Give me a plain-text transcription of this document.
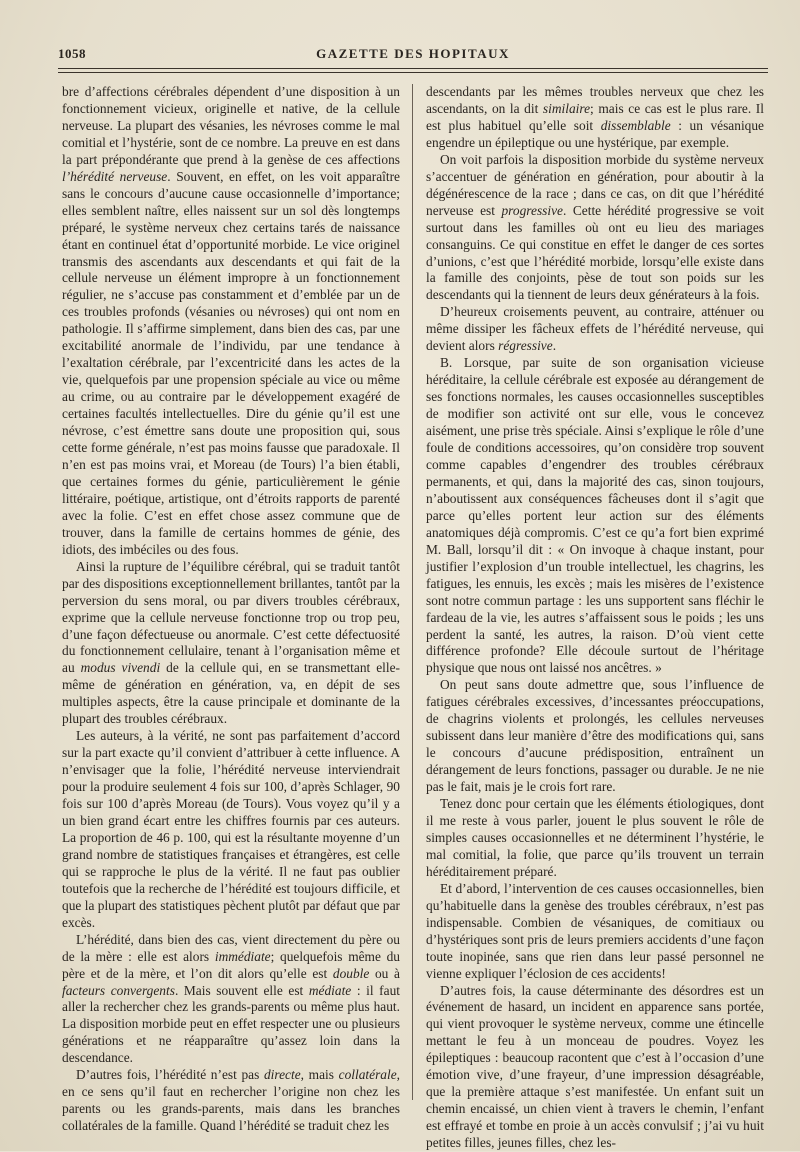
1058	GAZETTE DES HOPITAUX

bre d’affections cérébrales dépendent d’une disposition à un fonctionnement vicieux, originelle et native, de la cellule nerveuse. La plupart des vésanies, les névroses comme le mal comitial et l’hystérie, sont de ce nombre. La preuve en est dans la part prépondérante que prend à la genèse de ces affections l’hérédité nerveuse. Souvent, en effet, on les voit apparaître sans le concours d’aucune cause occasionnelle d’importance; elles semblent naître, elles naissent sur un sol dès longtemps préparé, le système nerveux chez certains tarés de naissance étant en continuel état d’opportunité morbide. Le vice originel transmis des ascendants aux descendants et qui fait de la cellule nerveuse un élément impropre à un fonctionnement régulier, ne s’accuse pas constamment et d’emblée par un de ces troubles profonds (vésanies ou névroses) qui ont nom en pathologie. Il s’affirme simplement, dans bien des cas, par une excitabilité anormale de l’individu, par une tendance à l’exaltation cérébrale, par l’excentricité dans les actes de la vie, quelquefois par une propension spéciale au vice ou même au crime, ou au contraire par le développement exagéré de certaines facultés intellectuelles. Dire du génie qu’il est une névrose, c’est émettre sans doute une proposition qui, sous cette forme générale, n’est pas moins fausse que paradoxale. Il n’en est pas moins vrai, et Moreau (de Tours) l’a bien établi, que certaines formes du génie, particulièrement le génie littéraire, poétique, artistique, ont d’étroits rapports de parenté avec la folie. C’est en effet chose assez commune que de trouver, dans la famille de certains hommes de génie, des idiots, des imbéciles ou des fous.

Ainsi la rupture de l’équilibre cérébral, qui se traduit tantôt par des dispositions exceptionnellement brillantes, tantôt par la perversion du sens moral, ou par divers troubles cérébraux, exprime que la cellule nerveuse fonctionne trop ou trop peu, d’une façon défectueuse ou anormale. C’est cette défectuosité du fonctionnement cellulaire, tenant à l’organisation même et au modus vivendi de la cellule qui, en se transmettant elle-même de génération en génération, va, en dépit de ses multiples aspects, être la cause principale et dominante de la plupart des troubles cérébraux.

Les auteurs, à la vérité, ne sont pas parfaitement d’accord sur la part exacte qu’il convient d’attribuer à cette influence. A n’envisager que la folie, l’hérédité nerveuse interviendrait pour la produire seulement 4 fois sur 100, d’après Schlager, 90 fois sur 100 d’après Moreau (de Tours). Vous voyez qu’il y a un bien grand écart entre les chiffres fournis par ces auteurs. La proportion de 46 p. 100, qui est la résultante moyenne d’un grand nombre de statistiques françaises et étrangères, est celle qui se rapproche le plus de la vérité. Il ne faut pas oublier toutefois que la recherche de l’hérédité est toujours difficile, et que la plupart des statistiques pèchent plutôt par défaut que par excès.

L’hérédité, dans bien des cas, vient directement du père ou de la mère : elle est alors immédiate; quelquefois même du père et de la mère, et l’on dit alors qu’elle est double ou à facteurs convergents. Mais souvent elle est médiate : il faut aller la rechercher chez les grands-parents ou même plus haut. La disposition morbide peut en effet respecter une ou plusieurs générations et ne réapparaître qu’assez loin dans la descendance.

D’autres fois, l’hérédité n’est pas directe, mais collatérale, en ce sens qu’il faut en rechercher l’origine non chez les parents ou les grands-parents, mais dans les branches collatérales de la famille. Quand l’hérédité se traduit chez les

descendants par les mêmes troubles nerveux que chez les ascendants, on la dit similaire; mais ce cas est le plus rare. Il est plus habituel qu’elle soit dissemblable : un vésanique engendre un épileptique ou une hystérique, par exemple.

On voit parfois la disposition morbide du système nerveux s’accentuer de génération en génération, pour aboutir à la dégénérescence de la race ; dans ce cas, on dit que l’hérédité nerveuse est progressive. Cette hérédité progressive se voit surtout dans les familles où ont eu lieu des mariages consanguins. Ce qui constitue en effet le danger de ces sortes d’unions, c’est que l’hérédité morbide, lorsqu’elle existe dans la famille des conjoints, pèse de tout son poids sur les descendants qui la tiennent de leurs deux générateurs à la fois.

D’heureux croisements peuvent, au contraire, atténuer ou même dissiper les fâcheux effets de l’hérédité nerveuse, qui devient alors régressive.

B. Lorsque, par suite de son organisation vicieuse héréditaire, la cellule cérébrale est exposée au dérangement de ses fonctions normales, les causes occasionnelles susceptibles de modifier son activité ont sur elle, vous le concevez aisément, une prise très spéciale. Ainsi s’explique le rôle d’une foule de conditions accessoires, qu’on considère trop souvent comme capables d’engendrer des troubles cérébraux permanents, et qui, dans la majorité des cas, sinon toujours, n’aboutissent aux conséquences fâcheuses dont il s’agit que parce qu’elles portent leur action sur des éléments anatomiques déjà compromis. C’est ce qu’a fort bien exprimé M. Ball, lorsqu’il dit : « On invoque à chaque instant, pour justifier l’explosion d’un trouble intellectuel, les chagrins, les fatigues, les ennuis, les excès ; mais les misères de l’existence sont notre commun partage : les uns supportent sans fléchir le fardeau de la vie, les autres s’affaissent sous le poids ; les uns perdent la santé, les autres, la raison. D’où vient cette différence profonde? Elle découle surtout de l’héritage physique que nous ont laissé nos ancêtres. »

On peut sans doute admettre que, sous l’influence de fatigues cérébrales excessives, d’incessantes préoccupations, de chagrins violents et prolongés, les cellules nerveuses subissent dans leur manière d’être des modifications qui, sans le concours d’aucune prédisposition, entraînent un dérangement de leurs fonctions, passager ou durable. Je ne nie pas le fait, mais je le crois fort rare.

Tenez donc pour certain que les éléments étiologiques, dont il me reste à vous parler, jouent le plus souvent le rôle de simples causes occasionnelles et ne déterminent l’hystérie, le mal comitial, la folie, que parce qu’ils trouvent un terrain héréditairement préparé.

Et d’abord, l’intervention de ces causes occasionnelles, bien qu’habituelle dans la genèse des troubles cérébraux, n’est pas indispensable. Combien de vésaniques, de comitiaux ou d’hystériques sont pris de leurs premiers accidents d’une façon toute inopinée, sans que rien dans leur passé personnel ne vienne expliquer l’éclosion de ces accidents!

D’autres fois, la cause déterminante des désordres est un événement de hasard, un incident en apparence sans portée, qui vient provoquer le système nerveux, comme une étincelle mettant le feu à un monceau de poudres. Voyez les épileptiques : beaucoup racontent que c’est à l’occasion d’une émotion vive, d’une frayeur, d’une impression désagréable, que la première attaque s’est manifestée. Un enfant suit un chemin encaissé, un chien vient à travers le chemin, l’enfant est effrayé et tombe en proie à un accès convulsif ; j’ai vu huit petites filles, jeunes filles, chez les-
